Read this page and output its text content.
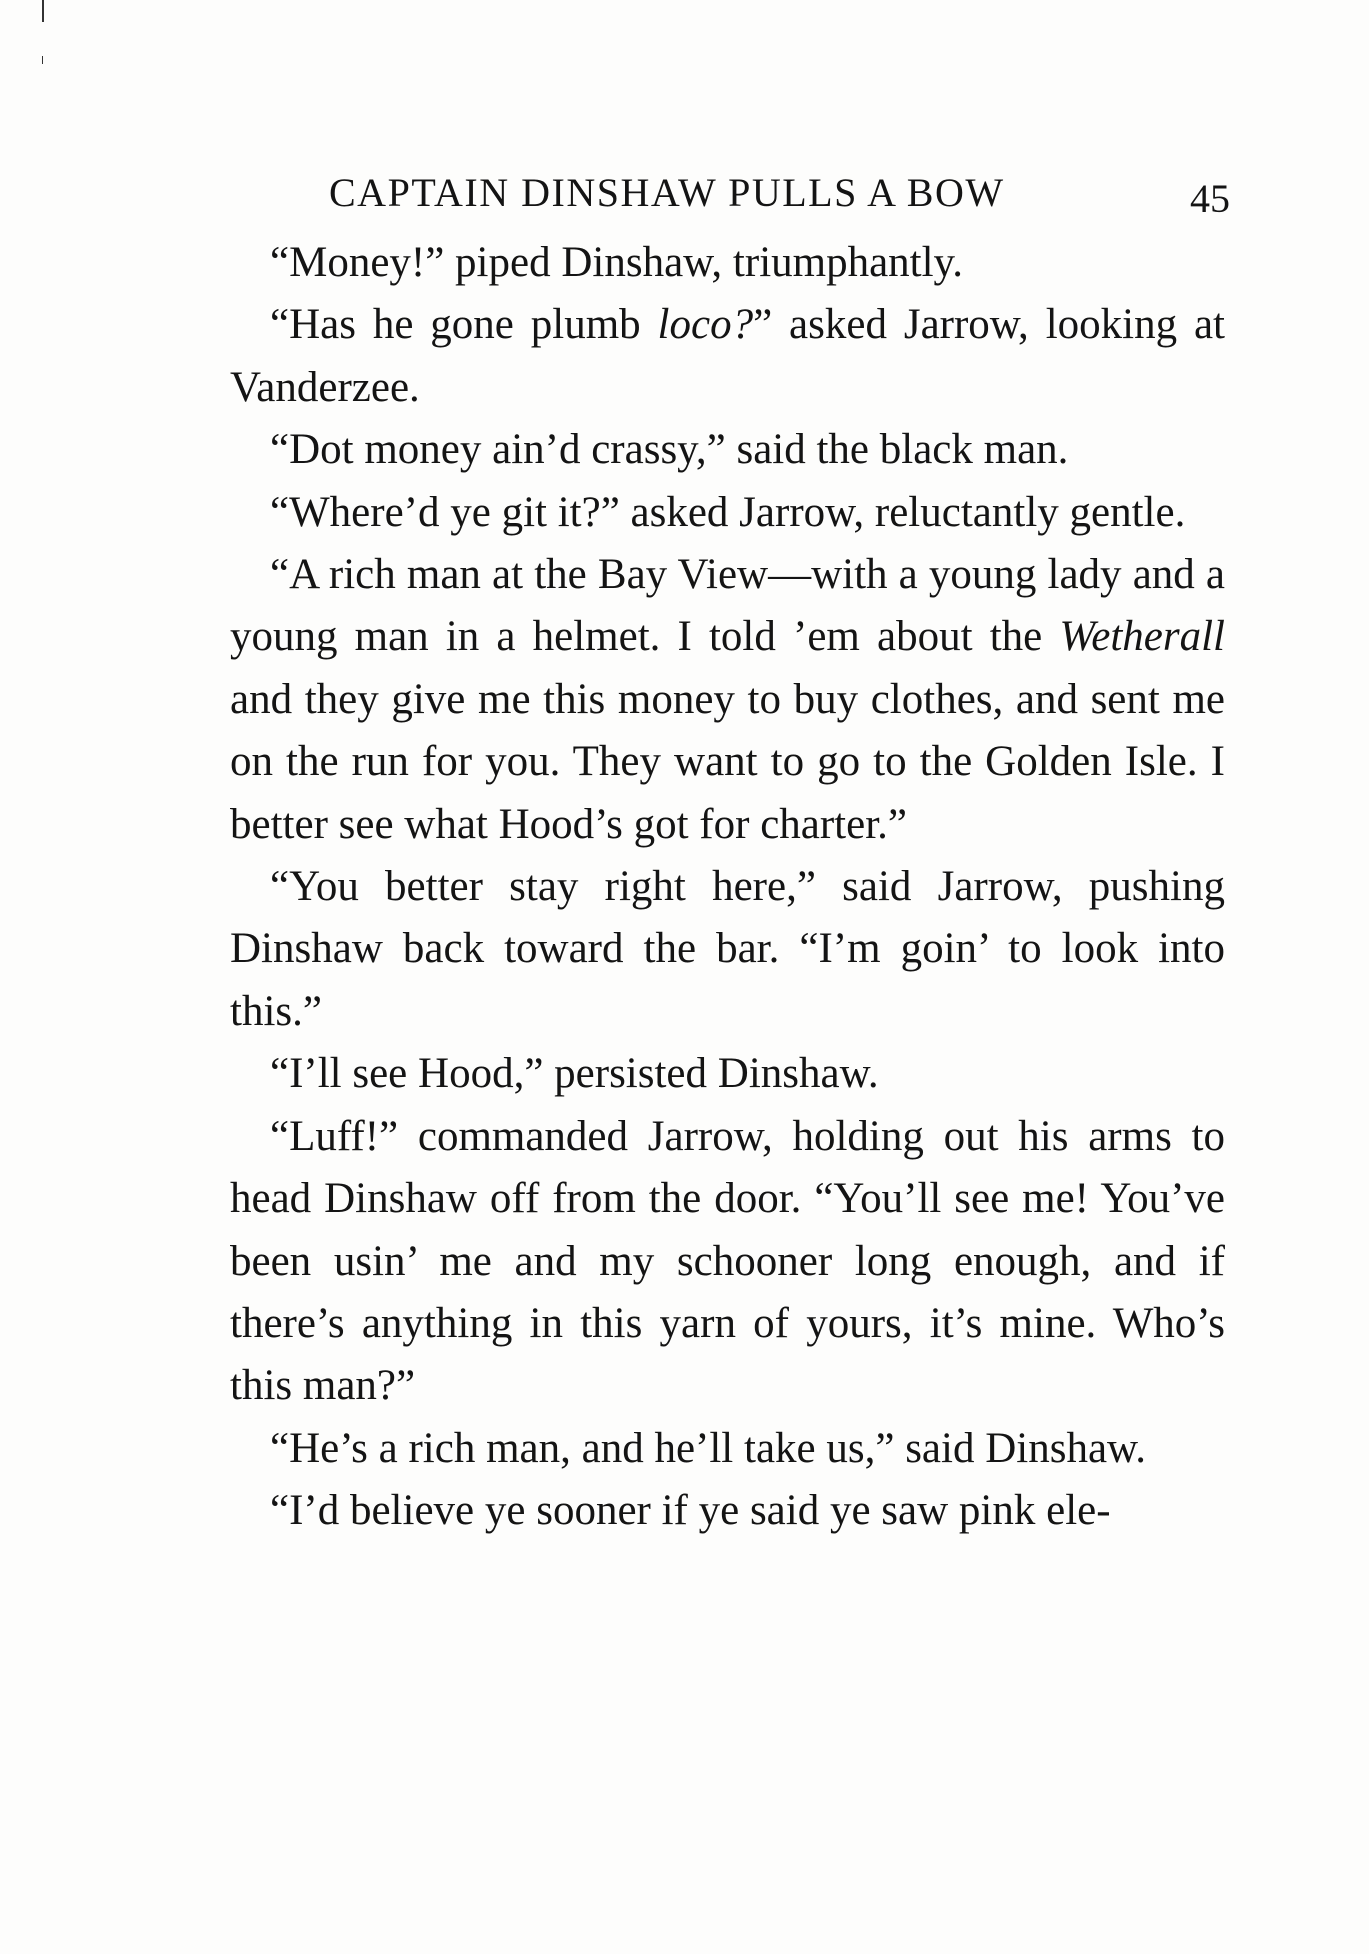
CAPTAIN DINSHAW PULLS A BOW	45

“Money!” piped Dinshaw, triumphantly.

“Has he gone plumb loco?” asked Jarrow, looking at Vanderzee.

“Dot money ain’d crassy,” said the black man.

“Where’d ye git it?” asked Jarrow, reluctantly gentle.

“A rich man at the Bay View—with a young lady and a young man in a helmet. I told ’em about the Wetherall and they give me this money to buy clothes, and sent me on the run for you. They want to go to the Golden Isle. I better see what Hood’s got for charter.”

“You better stay right here,” said Jarrow, pushing Dinshaw back toward the bar. “I’m goin’ to look into this.”

“I’ll see Hood,” persisted Dinshaw.

“Luff!” commanded Jarrow, holding out his arms to head Dinshaw off from the door. “You’ll see me! You’ve been usin’ me and my schooner long enough, and if there’s anything in this yarn of yours, it’s mine. Who’s this man?”

“He’s a rich man, and he’ll take us,” said Dinshaw.

“I’d believe ye sooner if ye said ye saw pink ele-
